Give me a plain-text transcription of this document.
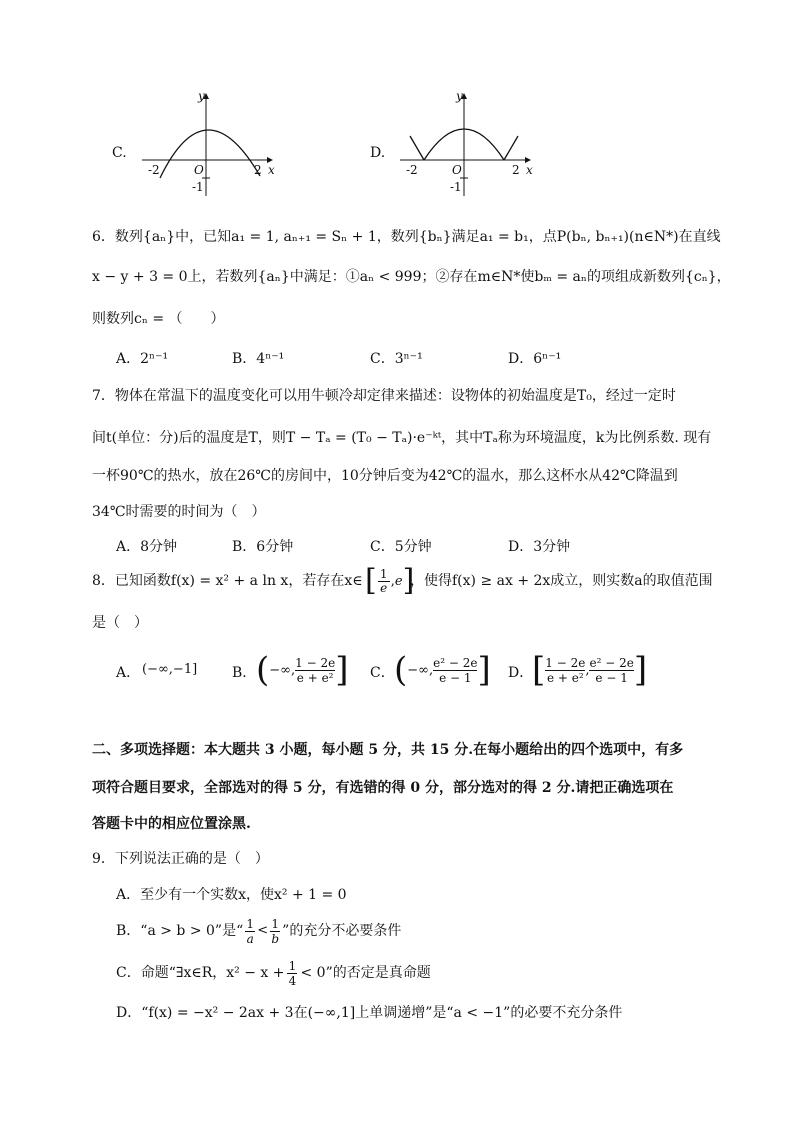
C.
y
x
O
-2	2
-1
D.
y
x
O
-2	2
-1
6．数列{aₙ}中，已知a₁ = 1, aₙ₊₁ = Sₙ + 1，数列{bₙ}满足a₁ = b₁，点P(bₙ, bₙ₊₁)(n∈N*)在直线
x − y + 3 = 0上，若数列{aₙ}中满足：①aₙ < 999；②存在m∈N*使bₘ = aₙ的项组成新数列{cₙ}，
则数列cₙ = （　　）
A．2ⁿ⁻¹	B．4ⁿ⁻¹	C．3ⁿ⁻¹	D．6ⁿ⁻¹
7．物体在常温下的温度变化可以用牛顿冷却定律来描述：设物体的初始温度是T₀，经过一定时
间t(单位：分)后的温度是T，则T − Tₐ = (T₀ − Tₐ)·e⁻ᵏᵗ，其中Tₐ称为环境温度，k为比例系数. 现有
一杯90℃的热水，放在26℃的房间中，10分钟后变为42℃的温水，那么这杯水从42℃降温到
34℃时需要的时间为（　）
A．8分钟	B．6分钟	C．5分钟	D．3分钟
8．已知函数f(x) = x² + a ln x，若存在x∈ [ 1
e , e ]
，使得f(x) ≥ ax + 2x成立，则实数a的取值范围
是（　）
A． (−∞,−1] B． ( −∞, 1 − 2e
e + e² ] C． ( −∞, e² − 2e
e − 1 ] D．
[ 1 − 2e
e + e² , e² − 2e
e − 1 ]
二、多项选择题：本大题共 3 小题，每小题 5 分，共 15 分.在每小题给出的四个选项中，有多
项符合题目要求，全部选对的得 5 分，有选错的得 0 分，部分选对的得 2 分.请把正确选项在
答题卡中的相应位置涂黑.
9．下列说法正确的是（　）
A．至少有一个实数x，使x² + 1 = 0
B．“a > b > 0”是“ 1
a
< 1
b ”的充分不必要条件
C．命题“∃x∈R，x² − x + 1
4 < 0”的否定是真命题
D．“f(x) = −x² − 2ax + 3在(−∞,1]上单调递增”是“a < −1”的必要不充分条件
